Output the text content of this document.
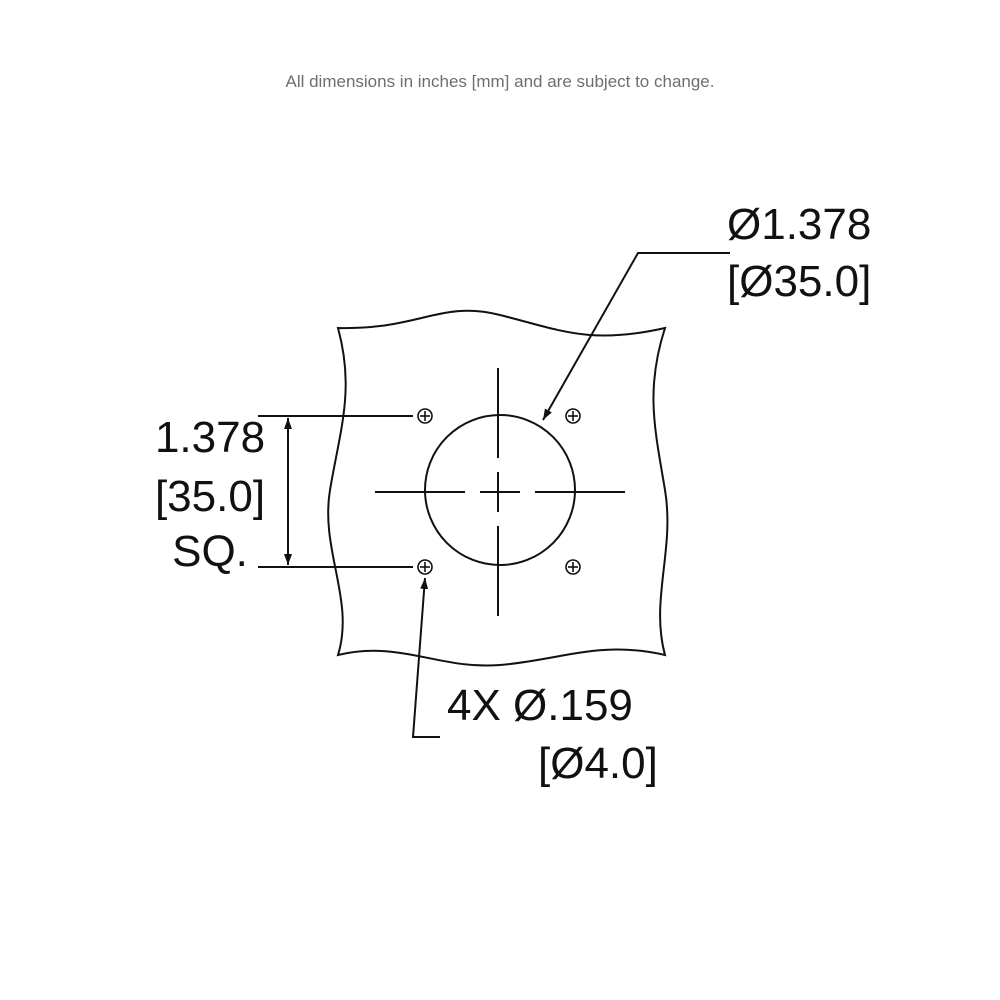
All dimensions in inches [mm] and are subject to change.
Ø1.378
[Ø35.0]
1.378
[35.0]
SQ.
4X Ø.159
[Ø4.0]
